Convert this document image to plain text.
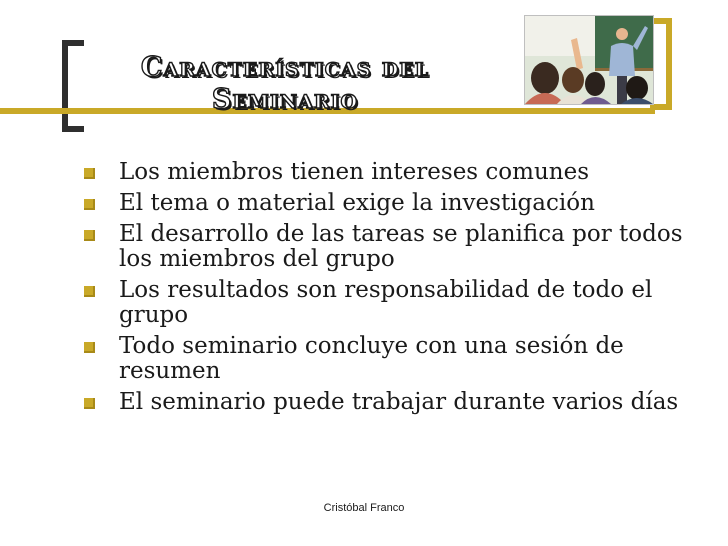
Características del
Seminario
Los miembros tienen intereses comunes
El tema o material exige la investigación
El desarrollo de las tareas se planifica por todos los miembros del grupo
Los resultados son responsabilidad de todo el grupo
Todo seminario concluye con una sesión de resumen
El seminario puede trabajar durante varios días
Cristóbal Franco
